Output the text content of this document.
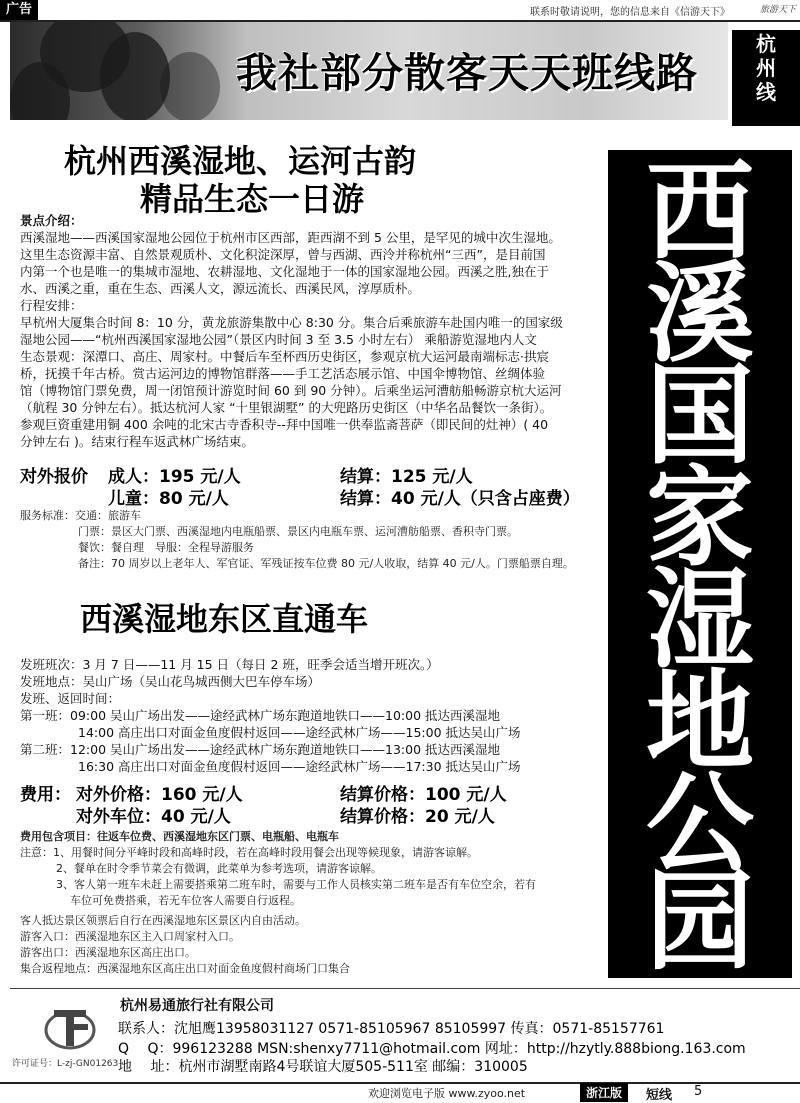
广告	联系时敬请说明，您的信息来自《信游天下》	旅游天下
我社部分散客天天班线路
杭
州
线
西
溪
国
家
湿
地
公
园
杭州西溪湿地、运河古韵
精品生态一日游
景点介绍：
西溪湿地——西溪国家湿地公园位于杭州市区西部，距西湖不到 5 公里，是罕见的城中次生湿地。
这里生态资源丰富、自然景观质朴、文化积淀深厚，曾与西湖、西泠并称杭州“三西”，是目前国
内第一个也是唯一的集城市湿地、农耕湿地、文化湿地于一体的国家湿地公园。西溪之胜,独在于
水、西溪之重，重在生态、西溪人文，源远流长、西溪民风，淳厚质朴。
行程安排：
早杭州大厦集合时间 8：10 分，黄龙旅游集散中心 8:30 分。集合后乘旅游车赴国内唯一的国家级
湿地公园——“杭州西溪国家湿地公园”（景区内时间 3 至 3.5 小时左右） 乘船游览湿地内人文
生态景观：深潭口、高庄、周家村。中餐后车至杯西历史街区，参观京杭大运河最南端标志·拱宸
桥，抚摸千年古桥。赏古运河边的博物馆群落——手工艺活态展示馆、中国伞博物馆、丝绸体验
馆（博物馆门票免费，周一闭馆预计游览时间 60 到 90 分钟）。后乘坐运河漕舫船畅游京杭大运河
（航程 30 分钟左右）。抵达杭河人家 “十里银湖墅” 的大兜路历史街区（中华名品餐饮一条街）。
参观巨资重建用铜 400 余吨的北宋古寺香积寺--拜中国唯一供奉监斋菩萨（即民间的灶神）( 40
分钟左右 )。结束行程车返武林广场结束。
对外报价 成人：195 元/人	结算：125 元/人
儿童：80 元/人	结算：40 元/人（只含占座费）
服务标准：交通：旅游车
门票：景区大门票、西溪湿地内电瓶船票、景区内电瓶车票、运河漕舫船票、香积寺门票。
餐饮：餐自理　导服：全程导游服务
备注：70 周岁以上老年人、军官证、军残证按车位费 80 元/人收取，结算 40 元/人。门票船票自理。
西溪湿地东区直通车
发班班次：3 月 7 日——11 月 15 日（每日 2 班，旺季会适当增开班次。）
发班地点：吴山广场（吴山花鸟城西侧大巴车停车场）
发班、返回时间：
第一班：09:00 吴山广场出发——途经武林广场东跑道地铁口——10:00 抵达西溪湿地
14:00 高庄出口对面金鱼度假村返回——途经武林广场——15:00 抵达吴山广场
第二班：12:00 吴山广场出发——途经武林广场东跑道地铁口——13:00 抵达西溪湿地
16:30 高庄出口对面金鱼度假村返回——途经武林广场——17:30 抵达吴山广场
费用： 对外价格：160 元/人	结算价格：100 元/人
对外车位：40 元/人	结算价格：20 元/人
费用包含项目：往返车位费、西溪湿地东区门票、电瓶船、电瓶车
注意：1、用餐时间分平峰时段和高峰时段，若在高峰时段用餐会出现等候现象，请游客谅解。
2、餐单在时令季节菜会有微调，此菜单为参考选项，请游客谅解。
3、客人第一班车未赶上需要搭乘第二班车时，需要与工作人员核实第二班车是否有车位空余，若有
车位可免费搭乘，若无车位客人需要自行返程。
客人抵达景区领票后自行在西溪湿地东区景区内自由活动。
游客入口：西溪湿地东区主入口周家村入口。
游客出口：西溪湿地东区高庄出口。
集合返程地点：西溪湿地东区高庄出口对面金鱼度假村商场门口集合
许可证号：L-zj-GN01263
杭州易通旅行社有限公司
联系人：沈旭鹰13958031127 0571-85105967 85105997 传真：0571-85157761
Q　 Q：996123288 MSN:shenxy7711@hotmail.com 网址：http://hzytly.888biong.163.com
地　 址：杭州市湖墅南路4号联谊大厦505-511室 邮编：310005
欢迎浏览电子版 www.zyoo.net	浙江版	短线 5
